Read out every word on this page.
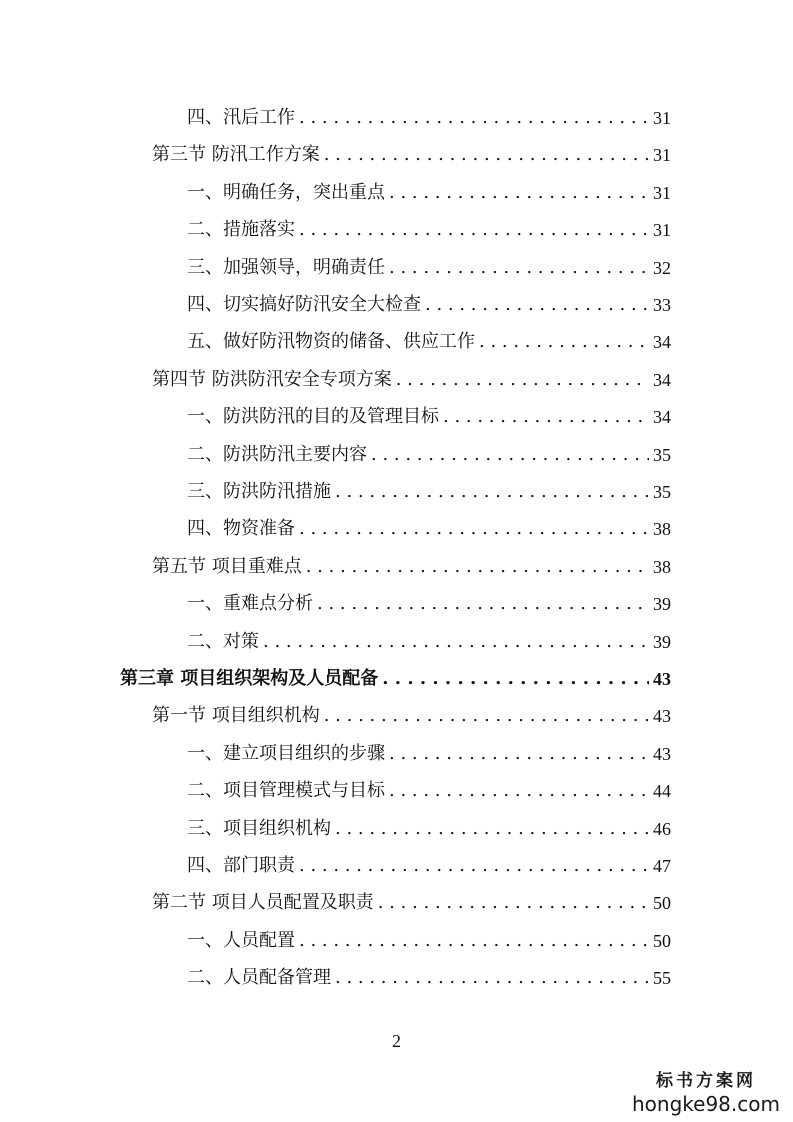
四、汛后工作 . . .	31
第三节 防汛工作方案 . . .	31
一、明确任务，突出重点 . . .	31
二、措施落实 . . .	31
三、加强领导，明确责任 . . .	32
四、切实搞好防汛安全大检查 . . .	33
五、做好防汛物资的储备、供应工作 . . .	34
第四节 防洪防汛安全专项方案 . . .	34
一、防洪防汛的目的及管理目标 . . .	34
二、防洪防汛主要内容 . . .	35
三、防洪防汛措施 . . .	35
四、物资准备 . . .	38
第五节 项目重难点 . . .	38
一、重难点分析 . . .	39
二、对策 . . .	39
第三章 项目组织架构及人员配备 . . .	43
第一节 项目组织机构 . . .	43
一、建立项目组织的步骤 . . .	43
二、项目管理模式与目标 . . .	44
三、项目组织机构 . . .	46
四、部门职责 . . .	47
第二节 项目人员配置及职责 . . .	50
一、人员配置 . . .	50
二、人员配备管理 . . .	55
2
标书方案网
hongke98.com
